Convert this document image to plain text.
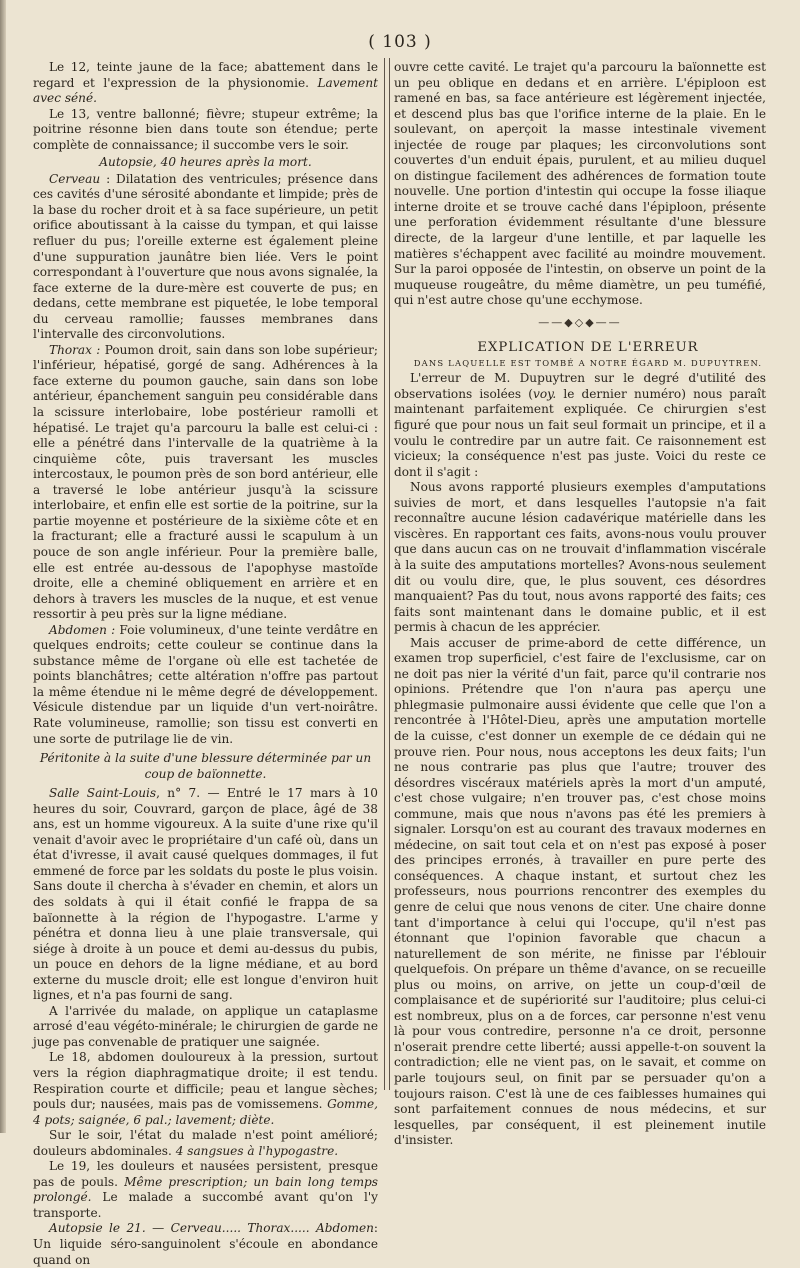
( 103 )

Le 12, teinte jaune de la face; abattement dans le regard et l'expression de la physionomie. Lavement avec séné.

Le 13, ventre ballonné; fièvre; stupeur extrême; la poitrine résonne bien dans toute son étendue; perte complète de connaissance; il succombe vers le soir.

Autopsie, 40 heures après la mort.

Cerveau : Dilatation des ventricules; présence dans ces cavités d'une sérosité abondante et limpide; près de la base du rocher droit et à sa face supérieure, un petit orifice aboutissant à la caisse du tympan, et qui laisse refluer du pus; l'oreille externe est également pleine d'une suppuration jaunâtre bien liée. Vers le point correspondant à l'ouverture que nous avons signalée, la face externe de la dure-mère est couverte de pus; en dedans, cette membrane est piquetée, le lobe temporal du cerveau ramollie; fausses membranes dans l'intervalle des circonvolutions.

Thorax : Poumon droit, sain dans son lobe supérieur; l'inférieur, hépatisé, gorgé de sang. Adhérences à la face externe du poumon gauche, sain dans son lobe antérieur, épanchement sanguin peu considérable dans la scissure interlobaire, lobe postérieur ramolli et hépatisé. Le trajet qu'a parcouru la balle est celui-ci : elle a pénétré dans l'intervalle de la quatrième à la cinquième côte, puis traversant les muscles intercostaux, le poumon près de son bord antérieur, elle a traversé le lobe antérieur jusqu'à la scissure interlobaire, et enfin elle est sortie de la poitrine, sur la partie moyenne et postérieure de la sixième côte et en la fracturant; elle a fracturé aussi le scapulum à un pouce de son angle inférieur. Pour la première balle, elle est entrée au-dessous de l'apophyse mastoïde droite, elle a cheminé obliquement en arrière et en dehors à travers les muscles de la nuque, et est venue ressortir à peu près sur la ligne médiane.

Abdomen : Foie volumineux, d'une teinte verdâtre en quelques endroits; cette couleur se continue dans la substance même de l'organe où elle est tachetée de points blanchâtres; cette altération n'offre pas partout la même étendue ni le même degré de développement. Vésicule distendue par un liquide d'un vert-noirâtre. Rate volumineuse, ramollie; son tissu est converti en une sorte de putrilage lie de vin.

Péritonite à la suite d'une blessure déterminée par un coup de baïonnette.

Salle Saint-Louis, n° 7. — Entré le 17 mars à 10 heures du soir, Couvrard, garçon de place, âgé de 38 ans, est un homme vigoureux. A la suite d'une rixe qu'il venait d'avoir avec le propriétaire d'un café où, dans un état d'ivresse, il avait causé quelques dommages, il fut emmené de force par les soldats du poste le plus voisin. Sans doute il chercha à s'évader en chemin, et alors un des soldats à qui il était confié le frappa de sa baïonnette à la région de l'hypogastre. L'arme y pénétra et donna lieu à une plaie transversale, qui siége à droite à un pouce et demi au-dessus du pubis, un pouce en dehors de la ligne médiane, et au bord externe du muscle droit; elle est longue d'environ huit lignes, et n'a pas fourni de sang.

A l'arrivée du malade, on applique un cataplasme arrosé d'eau végéto-minérale; le chirurgien de garde ne juge pas convenable de pratiquer une saignée.

Le 18, abdomen douloureux à la pression, surtout vers la région diaphragmatique droite; il est tendu. Respiration courte et difficile; peau et langue sèches; pouls dur; nausées, mais pas de vomissemens. Gomme, 4 pots; saignée, 6 pal.; lavement; diète.

Sur le soir, l'état du malade n'est point amélioré; douleurs abdominales. 4 sangsues à l'hypogastre.

Le 19, les douleurs et nausées persistent, presque pas de pouls. Même prescription; un bain long temps prolongé. Le malade a succombé avant qu'on l'y transporte.

Autopsie le 21. — Cerveau..... Thorax..... Abdomen: Un liquide séro-sanguinolent s'écoule en abondance quand on

ouvre cette cavité. Le trajet qu'a parcouru la baïonnette est un peu oblique en dedans et en arrière. L'épiploon est ramené en bas, sa face antérieure est légèrement injectée, et descend plus bas que l'orifice interne de la plaie. En le soulevant, on aperçoit la masse intestinale vivement injectée de rouge par plaques; les circonvolutions sont couvertes d'un enduit épais, purulent, et au milieu duquel on distingue facilement des adhérences de formation toute nouvelle. Une portion d'intestin qui occupe la fosse iliaque interne droite et se trouve caché dans l'épiploon, présente une perforation évidemment résultante d'une blessure directe, de la largeur d'une lentille, et par laquelle les matières s'échappent avec facilité au moindre mouvement. Sur la paroi opposée de l'intestin, on observe un point de la muqueuse rougeâtre, du même diamètre, un peu tuméfié, qui n'est autre chose qu'une ecchymose.

——◆◇◆——

EXPLICATION DE L'ERREUR

DANS LAQUELLE EST TOMBÉ A NOTRE ÉGARD M. DUPUYTREN.

L'erreur de M. Dupuytren sur le degré d'utilité des observations isolées (voy. le dernier numéro) nous paraît maintenant parfaitement expliquée. Ce chirurgien s'est figuré que pour nous un fait seul formait un principe, et il a voulu le contredire par un autre fait. Ce raisonnement est vicieux; la conséquence n'est pas juste. Voici du reste ce dont il s'agit :

Nous avons rapporté plusieurs exemples d'amputations suivies de mort, et dans lesquelles l'autopsie n'a fait reconnaître aucune lésion cadavérique matérielle dans les viscères. En rapportant ces faits, avons-nous voulu prouver que dans aucun cas on ne trouvait d'inflammation viscérale à la suite des amputations mortelles? Avons-nous seulement dit ou voulu dire, que, le plus souvent, ces désordres manquaient? Pas du tout, nous avons rapporté des faits; ces faits sont maintenant dans le domaine public, et il est permis à chacun de les apprécier.

Mais accuser de prime-abord de cette différence, un examen trop superficiel, c'est faire de l'exclusisme, car on ne doit pas nier la vérité d'un fait, parce qu'il contrarie nos opinions. Prétendre que l'on n'aura pas aperçu une phlegmasie pulmonaire aussi évidente que celle que l'on a rencontrée à l'Hôtel-Dieu, après une amputation mortelle de la cuisse, c'est donner un exemple de ce dédain qui ne prouve rien. Pour nous, nous acceptons les deux faits; l'un ne nous contrarie pas plus que l'autre; trouver des désordres viscéraux matériels après la mort d'un amputé, c'est chose vulgaire; n'en trouver pas, c'est chose moins commune, mais que nous n'avons pas été les premiers à signaler. Lorsqu'on est au courant des travaux modernes en médecine, on sait tout cela et on n'est pas exposé à poser des principes erronés, à travailler en pure perte des conséquences. A chaque instant, et surtout chez les professeurs, nous pourrions rencontrer des exemples du genre de celui que nous venons de citer. Une chaire donne tant d'importance à celui qui l'occupe, qu'il n'est pas étonnant que l'opinion favorable que chacun a naturellement de son mérite, ne finisse par l'éblouir quelquefois. On prépare un thême d'avance, on se recueille plus ou moins, on arrive, on jette un coup-d'œil de complaisance et de supériorité sur l'auditoire; plus celui-ci est nombreux, plus on a de forces, car personne n'est venu là pour vous contredire, personne n'a ce droit, personne n'oserait prendre cette liberté; aussi appelle-t-on souvent la contradiction; elle ne vient pas, on le savait, et comme on parle toujours seul, on finit par se persuader qu'on a toujours raison. C'est là une de ces faiblesses humaines qui sont parfaitement connues de nous médecins, et sur lesquelles, par conséquent, il est pleinement inutile d'insister.
